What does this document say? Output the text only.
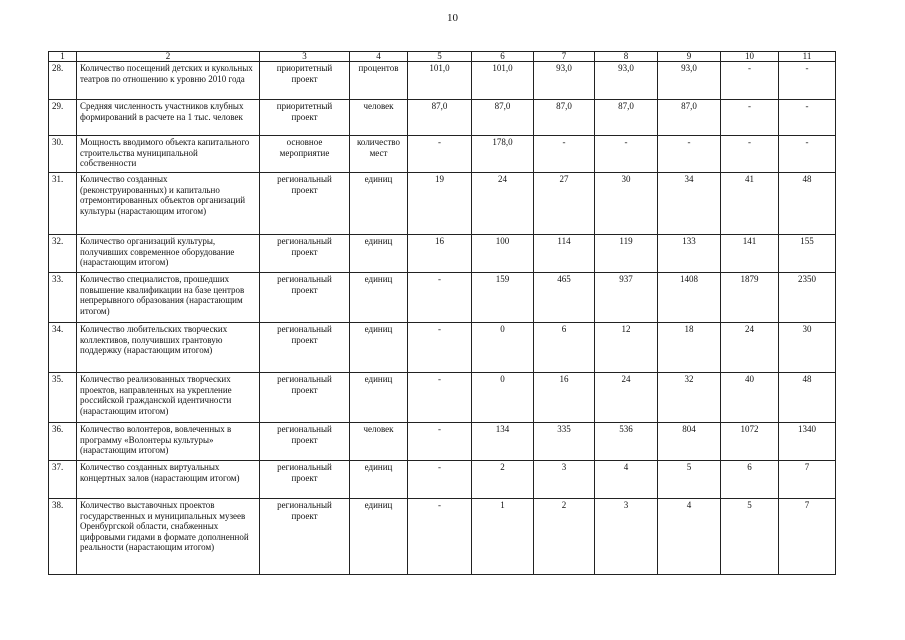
10
1	2	3	4	5	6	7	8	9	10	11
28.	Количество посещений детских и кукольных театров по отношению к уровню 2010 года	приоритетный проект	процентов	101,0	101,0	93,0	93,0	93,0	-	-
29.	Средняя численность участников клубных формирований в расчете на 1 тыс. человек	приоритетный проект	человек	87,0	87,0	87,0	87,0	87,0	-	-
30.	Мощность вводимого объекта капитального строительства муниципальной собственности	основное мероприятие	количество мест	-	178,0	-	-	-	-	-
31.	Количество созданных (реконструированных) и капитально отремонтированных объектов организаций культуры (нарастающим итогом)	региональный проект	единиц	19	24	27	30	34	41	48
32.	Количество организаций культуры, получивших современное оборудование (нарастающим итогом)	региональный проект	единиц	16	100	114	119	133	141	155
33.	Количество специалистов, прошедших повышение квалификации на базе центров непрерывного образования (нарастающим итогом)	региональный проект	единиц	-	159	465	937	1408	1879	2350
34.	Количество любительских творческих коллективов, получивших грантовую поддержку (нарастающим итогом)	региональный проект	единиц	-	0	6	12	18	24	30
35.	Количество реализованных творческих проектов, направленных на укрепление российской гражданской идентичности (нарастающим итогом)	региональный проект	единиц	-	0	16	24	32	40	48
36.	Количество волонтеров, вовлеченных в программу «Волонтеры культуры» (нарастающим итогом)	региональный проект	человек	-	134	335	536	804	1072	1340
37.	Количество созданных виртуальных концертных залов (нарастающим итогом)	региональный проект	единиц	-	2	3	4	5	6	7
38.	Количество выставочных проектов государственных и муниципальных музеев Оренбургской области, снабженных цифровыми гидами в формате дополненной реальности (нарастающим итогом)	региональный проект	единиц	-	1	2	3	4	5	7
